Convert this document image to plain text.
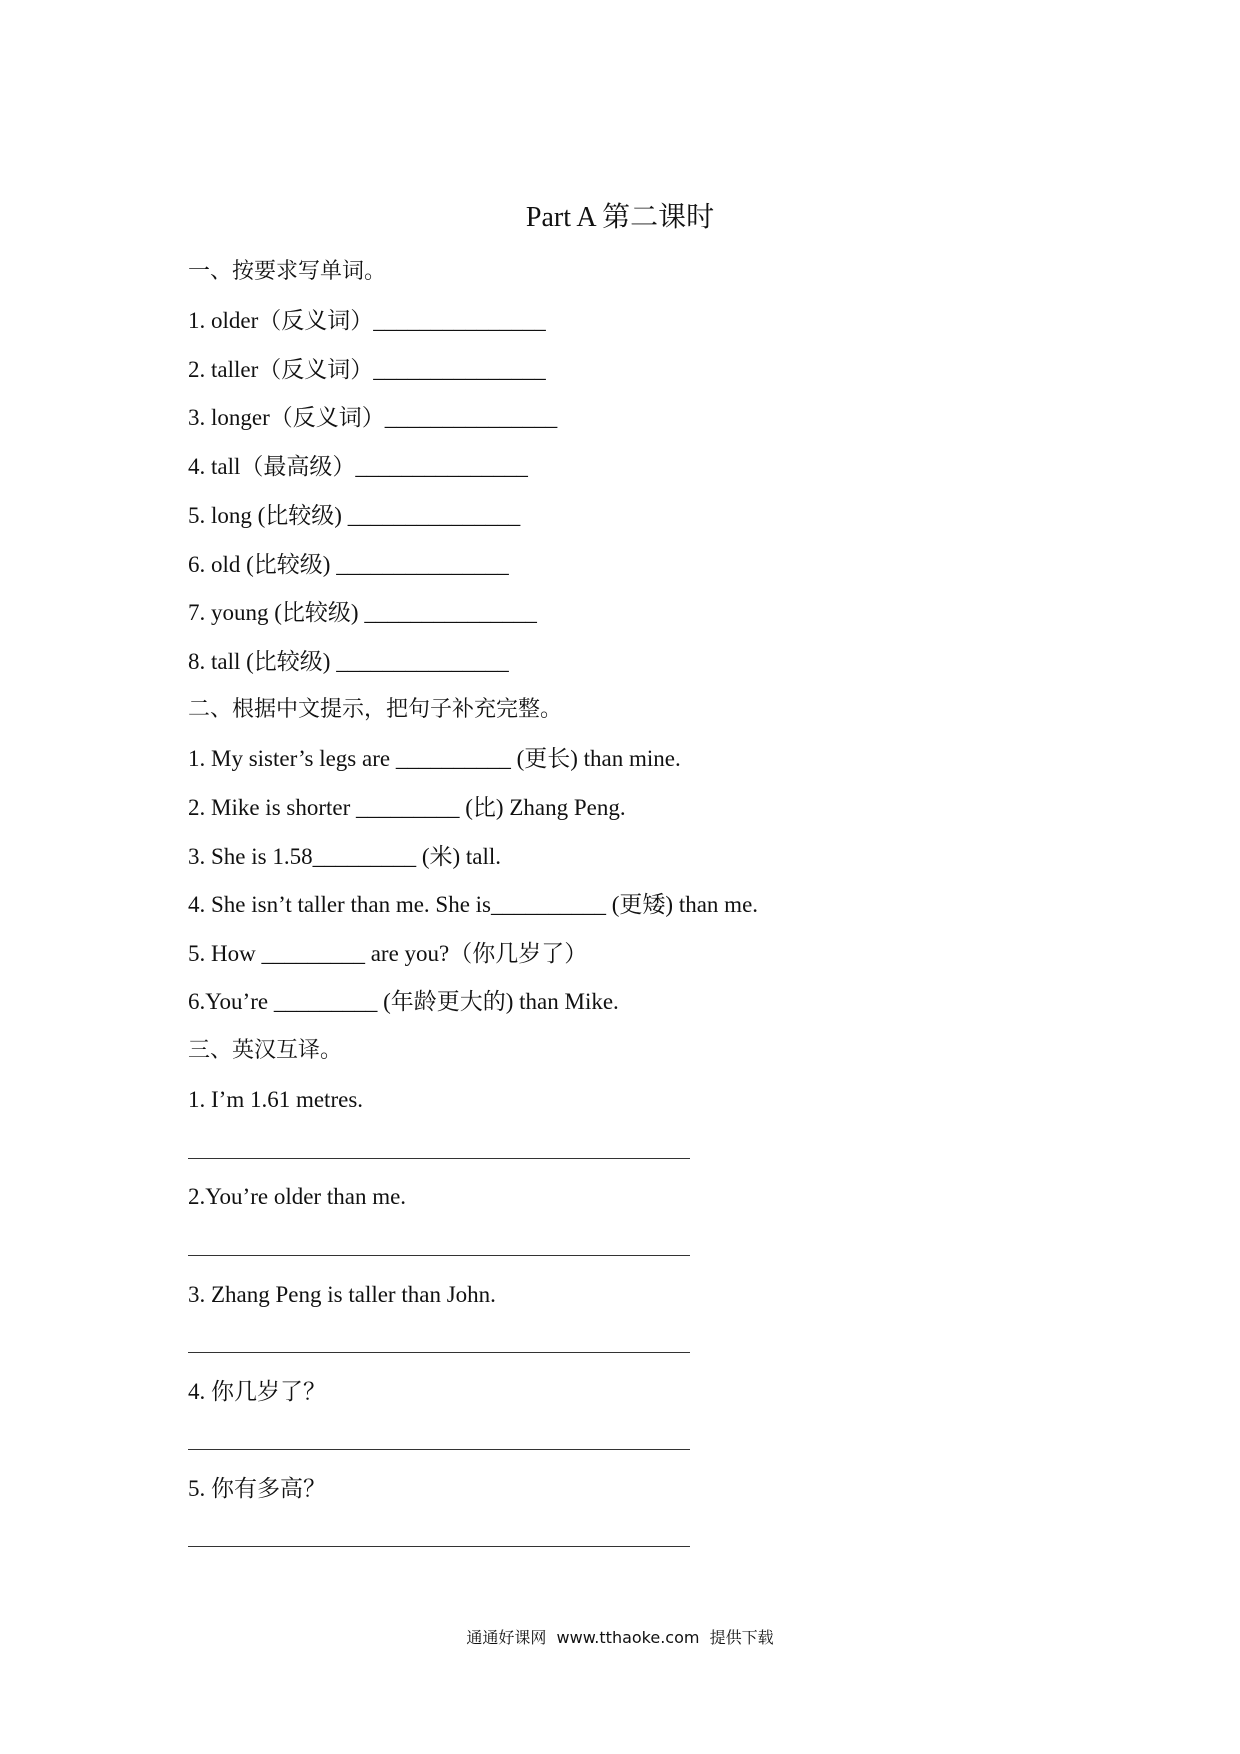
Part A 第二课时
一、按要求写单词。
1. older（反义词）_______________
2. taller（反义词）_______________
3. longer（反义词）_______________
4. tall（最高级）_______________
5. long (比较级) _______________
6. old (比较级) _______________
7. young (比较级) _______________
8. tall (比较级) _______________
二、根据中文提示，把句子补充完整。
1. My sister’s legs are __________ (更长) than mine.
2. Mike is shorter _________ (比) Zhang Peng.
3. She is 1.58_________ (米) tall.
4. She isn’t taller than me. She is__________ (更矮) than me.
5. How _________ are you?（你几岁了）
6.You’re _________ (年龄更大的) than Mike.
三、英汉互译。
1. I’m 1.61 metres.
2.You’re older than me.
3. Zhang Peng is taller than John.
4. 你几岁了？
5. 你有多高？
通通好课网  www.tthaoke.com  提供下载
